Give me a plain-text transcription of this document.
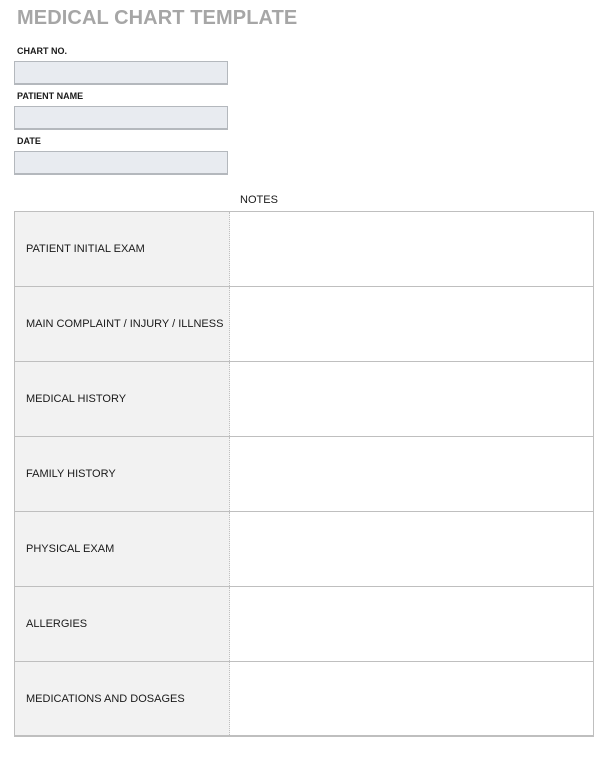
MEDICAL CHART TEMPLATE
CHART NO.
PATIENT NAME
DATE
NOTES
PATIENT INITIAL EXAM
MAIN COMPLAINT / INJURY / ILLNESS
MEDICAL HISTORY
FAMILY HISTORY
PHYSICAL EXAM
ALLERGIES
MEDICATIONS AND DOSAGES
